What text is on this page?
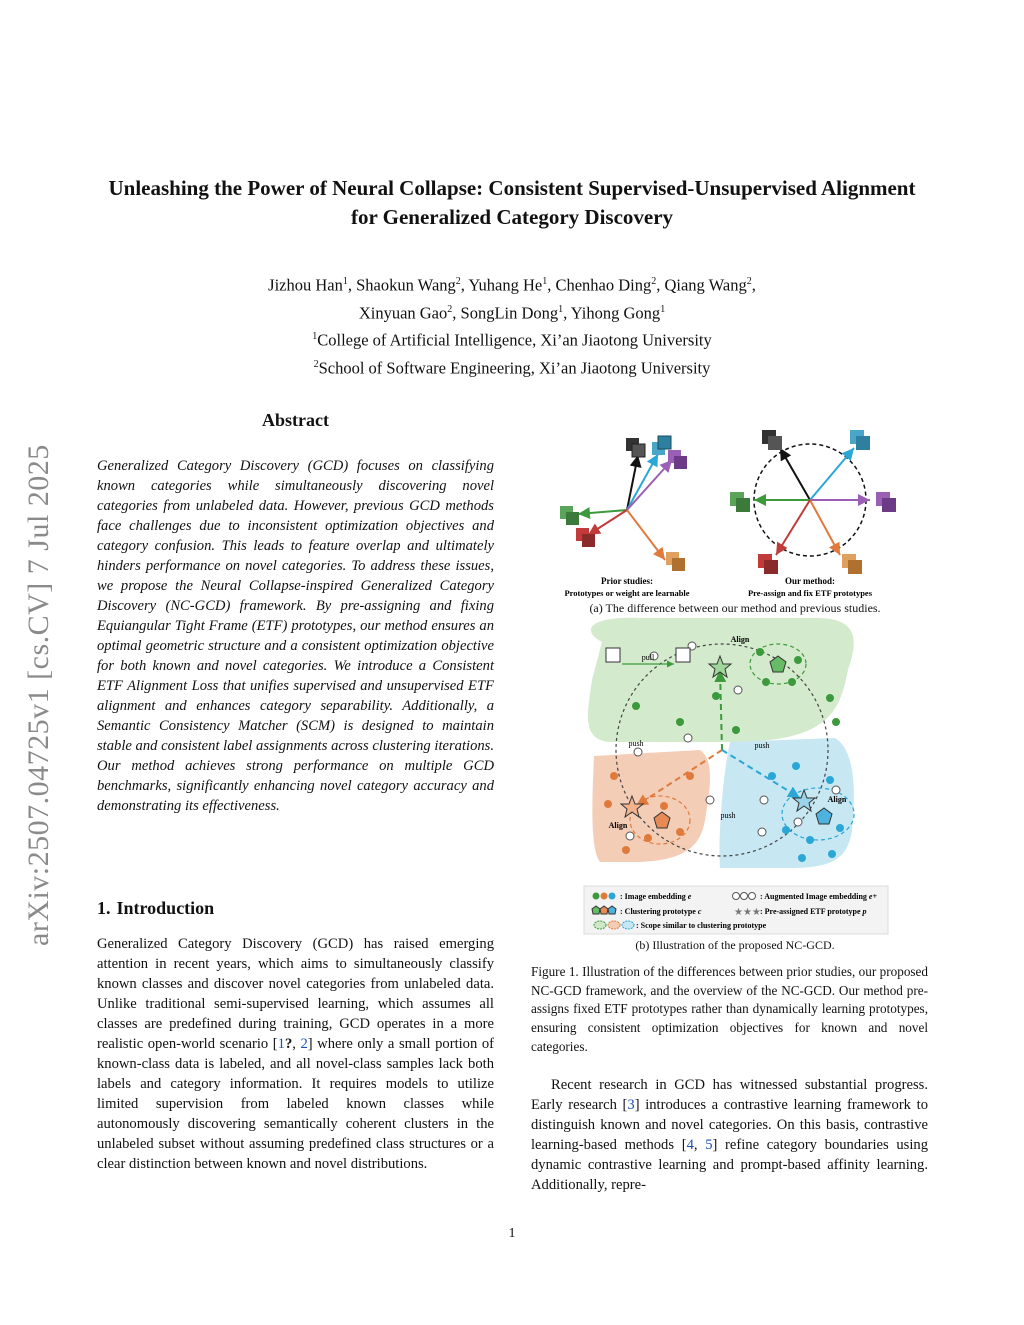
arXiv:2507.04725v1 [cs.CV] 7 Jul 2025
Unleashing the Power of Neural Collapse: Consistent Supervised-Unsupervised Alignment for Generalized Category Discovery
Jizhou Han$^1$, Shaokun Wang$^2$, Yuhang He$^1$, Chenhao Ding$^2$, Qiang Wang$^2$,
Xinyuan Gao$^2$, SongLin Dong$^1$, Yihong Gong$^1$
$^1$College of Artificial Intelligence, Xi’an Jiaotong University
$^2$School of Software Engineering, Xi’an Jiaotong University
Abstract
Generalized Category Discovery (GCD) focuses on classifying known categories while simultaneously discovering novel categories from unlabeled data. However, previous GCD methods face challenges due to inconsistent optimization objectives and category confusion. This leads to feature overlap and ultimately hinders performance on novel categories. To address these issues, we propose the Neural Collapse-inspired Generalized Category Discovery (NC-GCD) framework. By pre-assigning and fixing Equiangular Tight Frame (ETF) prototypes, our method ensures an optimal geometric structure and a consistent optimization objective for both known and novel categories. We introduce a Consistent ETF Alignment Loss that unifies supervised and unsupervised ETF alignment and enhances category separability. Additionally, a Semantic Consistency Matcher (SCM) is designed to maintain stable and consistent label assignments across clustering iterations. Our method achieves strong performance on multiple GCD benchmarks, significantly enhancing novel category accuracy and demonstrating its effectiveness.
1. Introduction
Generalized Category Discovery (GCD) has raised emerging attention in recent years, which aims to simultaneously classify known classes and discover novel categories from unlabeled data. Unlike traditional semi-supervised learning, which assumes all classes are predefined during training, GCD operates in a more realistic open-world scenario [1?, 2] where only a small portion of known-class data is labeled, and all novel-class samples lack both labels and category information. It requires models to utilize limited supervision from labeled known classes while autonomously discovering semantically coherent clusters in the unlabeled subset without assuming predefined class structures or a clear distinction between known and novel distributions.
Prior studies:
Prototypes or weight are learnable
Our method:
Pre-assign and fix ETF prototypes
pull
Align
push	push
push
Align
Align
: Image embedding e	: Augmented Image embedding e+
: Clustering prototype c	★★★ : Pre-assigned ETF prototype p
: Scope similar to clustering prototype
(a) The difference between our method and previous studies.
(b) Illustration of the proposed NC-GCD.
Figure 1. Illustration of the differences between prior studies, our proposed NC-GCD framework, and the overview of the NC-GCD. Our method pre-assigns fixed ETF prototypes rather than dynamically learning prototypes, ensuring consistent optimization objectives for known and novel categories.

Recent research in GCD has witnessed substantial progress. Early research [3] introduces a contrastive learning framework to distinguish known and novel categories. On this basis, contrastive learning-based methods [4, 5] refine category boundaries using dynamic contrastive learning and prompt-based affinity learning. Additionally, repre-

1
